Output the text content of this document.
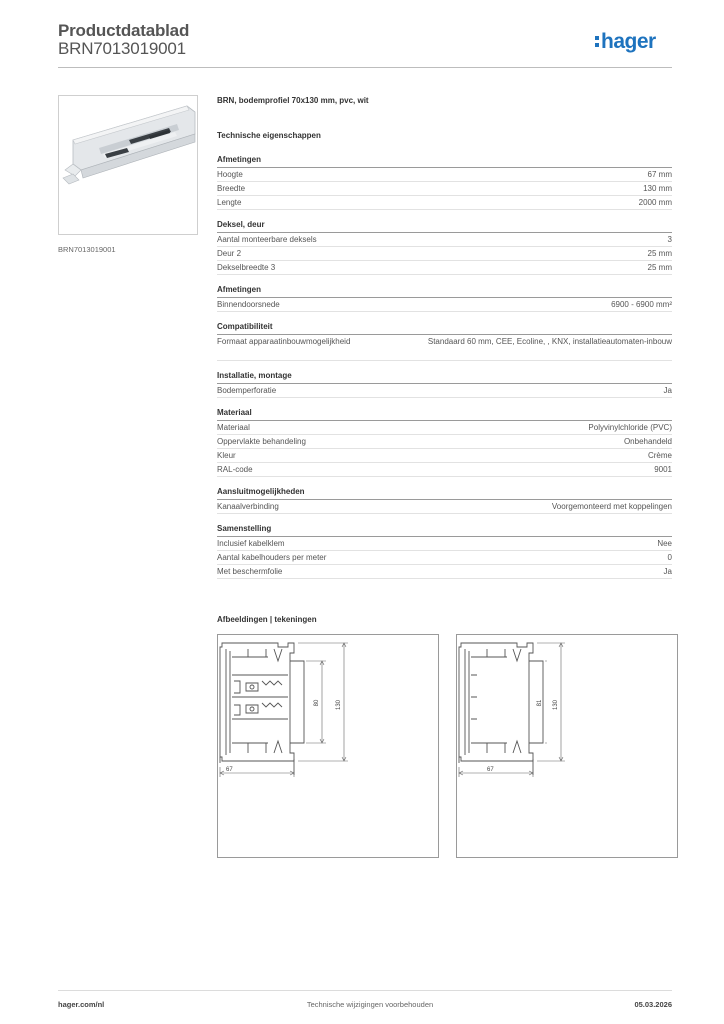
Productdatablad
BRN7013019001	hager
BRN7013019001
BRN, bodemprofiel 70x130 mm, pvc, wit
Technische eigenschappen
Afmetingen
Hoogte	67 mm
Breedte	130 mm
Lengte	2000 mm
Deksel, deur
Aantal monteerbare deksels	3
Deur 2	25 mm
Dekselbreedte 3	25 mm
Afmetingen
Binnendoorsnede	6900 - 6900 mm²
Compatibiliteit
Formaat apparaatinbouwmogelijkheid	Standaard 60 mm, CEE, Ecoline, , KNX, installatieautomaten-inbouw
Installatie, montage
Bodemperforatie	Ja
Materiaal
Materiaal	Polyvinylchloride (PVC)
Oppervlakte behandeling	Onbehandeld
Kleur	Crème
RAL-code	9001
Aansluitmogelijkheden
Kanaalverbinding	Voorgemonteerd met koppelingen
Samenstelling
Inclusief kabelklem	Nee
Aantal kabelhouders per meter	0
Met beschermfolie	Ja
Afbeeldingen | tekeningen
130
80
67
130
81
67
hager.com/nl	Technische wijzigingen voorbehouden	05.03.2026
